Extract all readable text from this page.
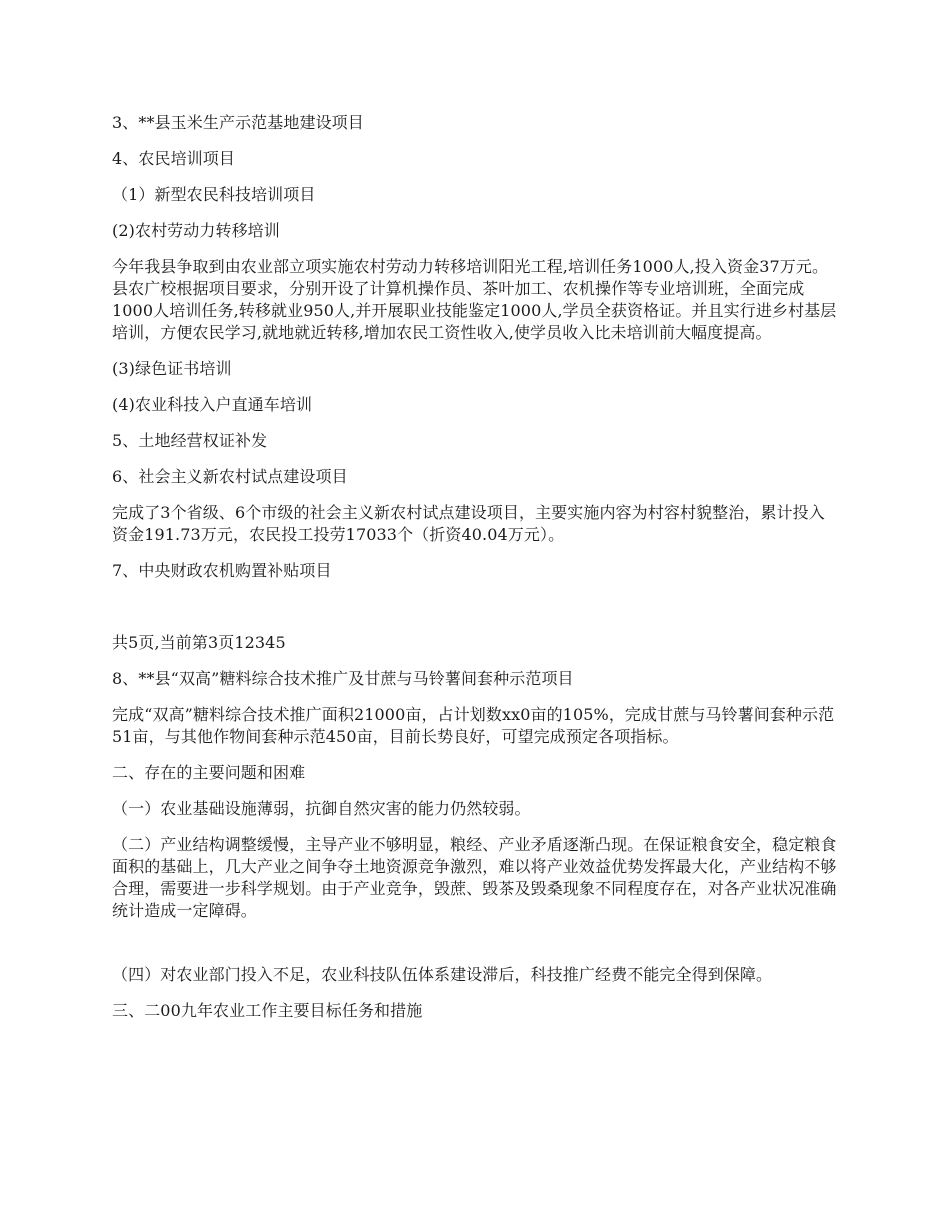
3、**县玉米生产示范基地建设项目

4、农民培训项目

（1）新型农民科技培训项目

(2)农村劳动力转移培训

今年我县争取到由农业部立项实施农村劳动力转移培训阳光工程,培训任务1000人,投入资金37万元。县农广校根据项目要求，分别开设了计算机操作员、茶叶加工、农机操作等专业培训班，全面完成1000人培训任务,转移就业950人,并开展职业技能鉴定1000人,学员全获资格证。并且实行进乡村基层培训，方便农民学习,就地就近转移,增加农民工资性收入,使学员收入比未培训前大幅度提高。

(3)绿色证书培训

(4)农业科技入户直通车培训

5、土地经营权证补发

6、社会主义新农村试点建设项目

完成了3个省级、6个市级的社会主义新农村试点建设项目，主要实施内容为村容村貌整治，累计投入资金191.73万元，农民投工投劳17033个（折资40.04万元）。

7、中央财政农机购置补贴项目

共5页,当前第3页12345

8、**县“双高”糖料综合技术推广及甘蔗与马铃薯间套种示范项目

完成“双高”糖料综合技术推广面积21000亩，占计划数xx0亩的105%，完成甘蔗与马铃薯间套种示范51亩，与其他作物间套种示范450亩，目前长势良好，可望完成预定各项指标。

二、存在的主要问题和困难

（一）农业基础设施薄弱，抗御自然灾害的能力仍然较弱。

（二）产业结构调整缓慢，主导产业不够明显，粮经、产业矛盾逐渐凸现。在保证粮食安全，稳定粮食面积的基础上，几大产业之间争夺土地资源竞争激烈，难以将产业效益优势发挥最大化，产业结构不够合理，需要进一步科学规划。由于产业竞争，毁蔗、毁茶及毁桑现象不同程度存在，对各产业状况准确统计造成一定障碍。

（四）对农业部门投入不足，农业科技队伍体系建设滞后，科技推广经费不能完全得到保障。

三、二00九年农业工作主要目标任务和措施
